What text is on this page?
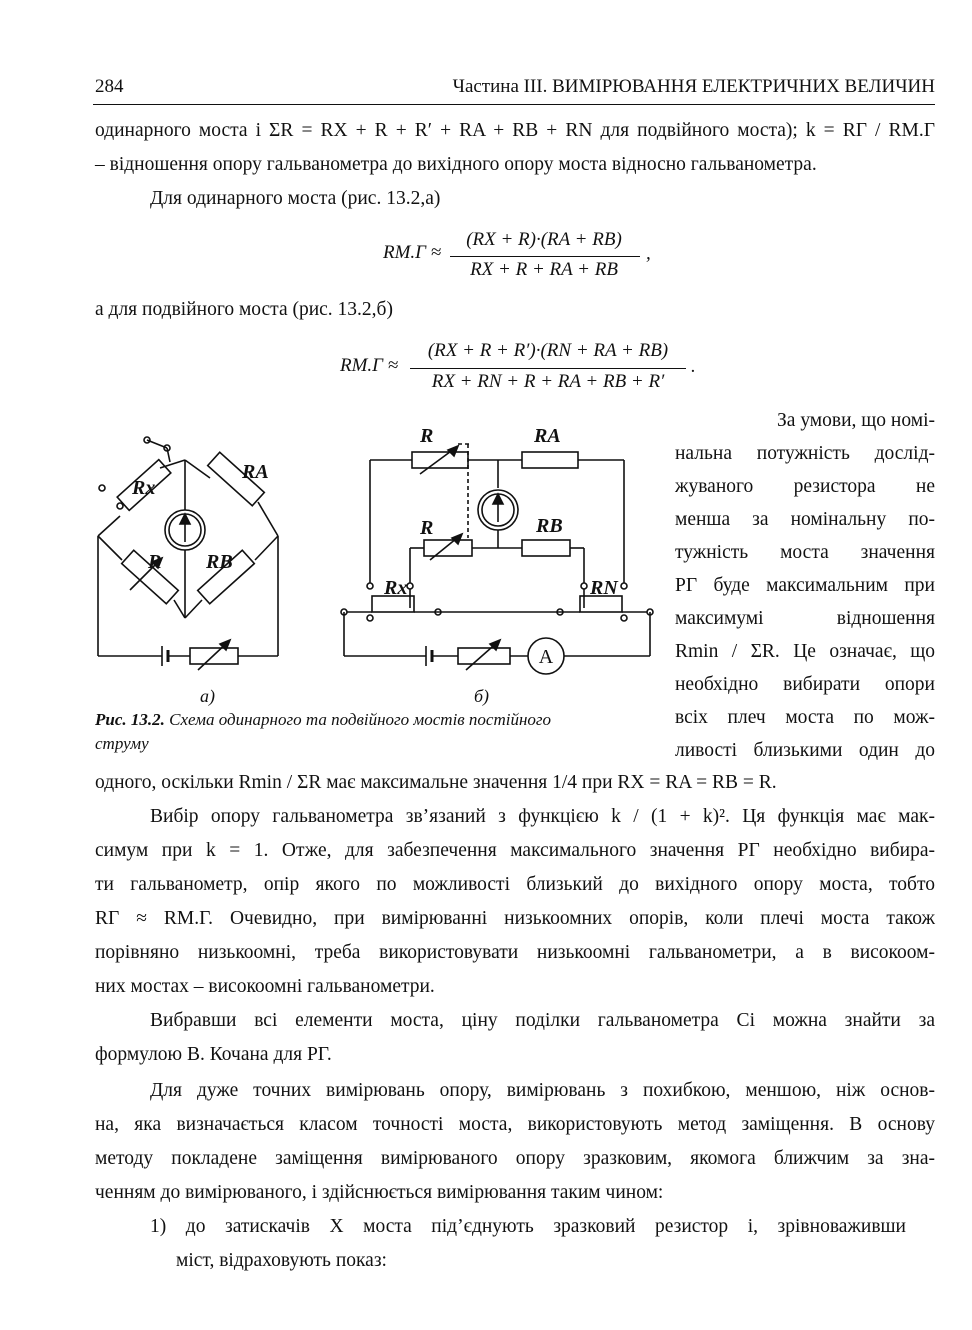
284	Частина III. ВИМІРЮВАННЯ ЕЛЕКТРИЧНИХ ВЕЛИЧИН
одинарного моста і ΣR = RX + R + R′ + RA + RB + RN для подвійного моста); k = RГ / RМ.Г
– відношення опору гальванометра до вихідного опору моста відносно гальванометра.
Для одинарного моста (рис. 13.2,а)
RМ.Г ≈
(RX + R)·(RA + RB)
RX + R + RA + RB
,
а для подвійного моста (рис. 13.2,б)
RМ.Г ≈
(RX + R + R′)·(RN + RA + RB)
RX + RN + R + RA + RB + R′
.
За умови, що номі-
нальна потужність дослід-
жуваного резистора не
менша за номінальну по-
тужність моста значення
PГ буде максимальним при
максимумі відношення
Rmin / ΣR. Це означає, що
необхідно вибирати опори
всіх плеч моста по мож-
ливості близькими один до
Rx
RA
R RB
R	RA
R	RB
Rx	RN
A
а)	б)
Рис. 13.2. Схема одинарного та подвійного мостів постійного
струму
одного, оскільки Rmin / ΣR має максимальне значення 1/4 при RX = RA = RB = R.
Вибір опору гальванометра зв’язаний з функцією k / (1 + k)². Ця функція має мак-
симум при k = 1. Отже, для забезпечення максимального значення PГ необхідно вибира-
ти гальванометр, опір якого по можливості близький до вихідного опору моста, тобто
RГ ≈ RМ.Г. Очевидно, при вимірюванні низькоомних опорів, коли плечі моста також
порівняно низькоомні, треба використовувати низькоомні гальванометри, а в високоом-
них мостах – високоомні гальванометри.
Вибравши всі елементи моста, ціну поділки гальванометра Ci можна знайти за
формулою В. Кочана для PГ.
Для дуже точних вимірювань опору, вимірювань з похибкою, меншою, ніж основ-
на, яка визначається класом точності моста, використовують метод заміщення. В основу
методу покладене заміщення вимірюваного опору зразковим, якомога ближчим за зна-
ченням до вимірюваного, і здійснюється вимірювання таким чином:
1) до затискачів X моста під’єднують зразковий резистор і, зрівноваживши
міст, відраховують показ:
